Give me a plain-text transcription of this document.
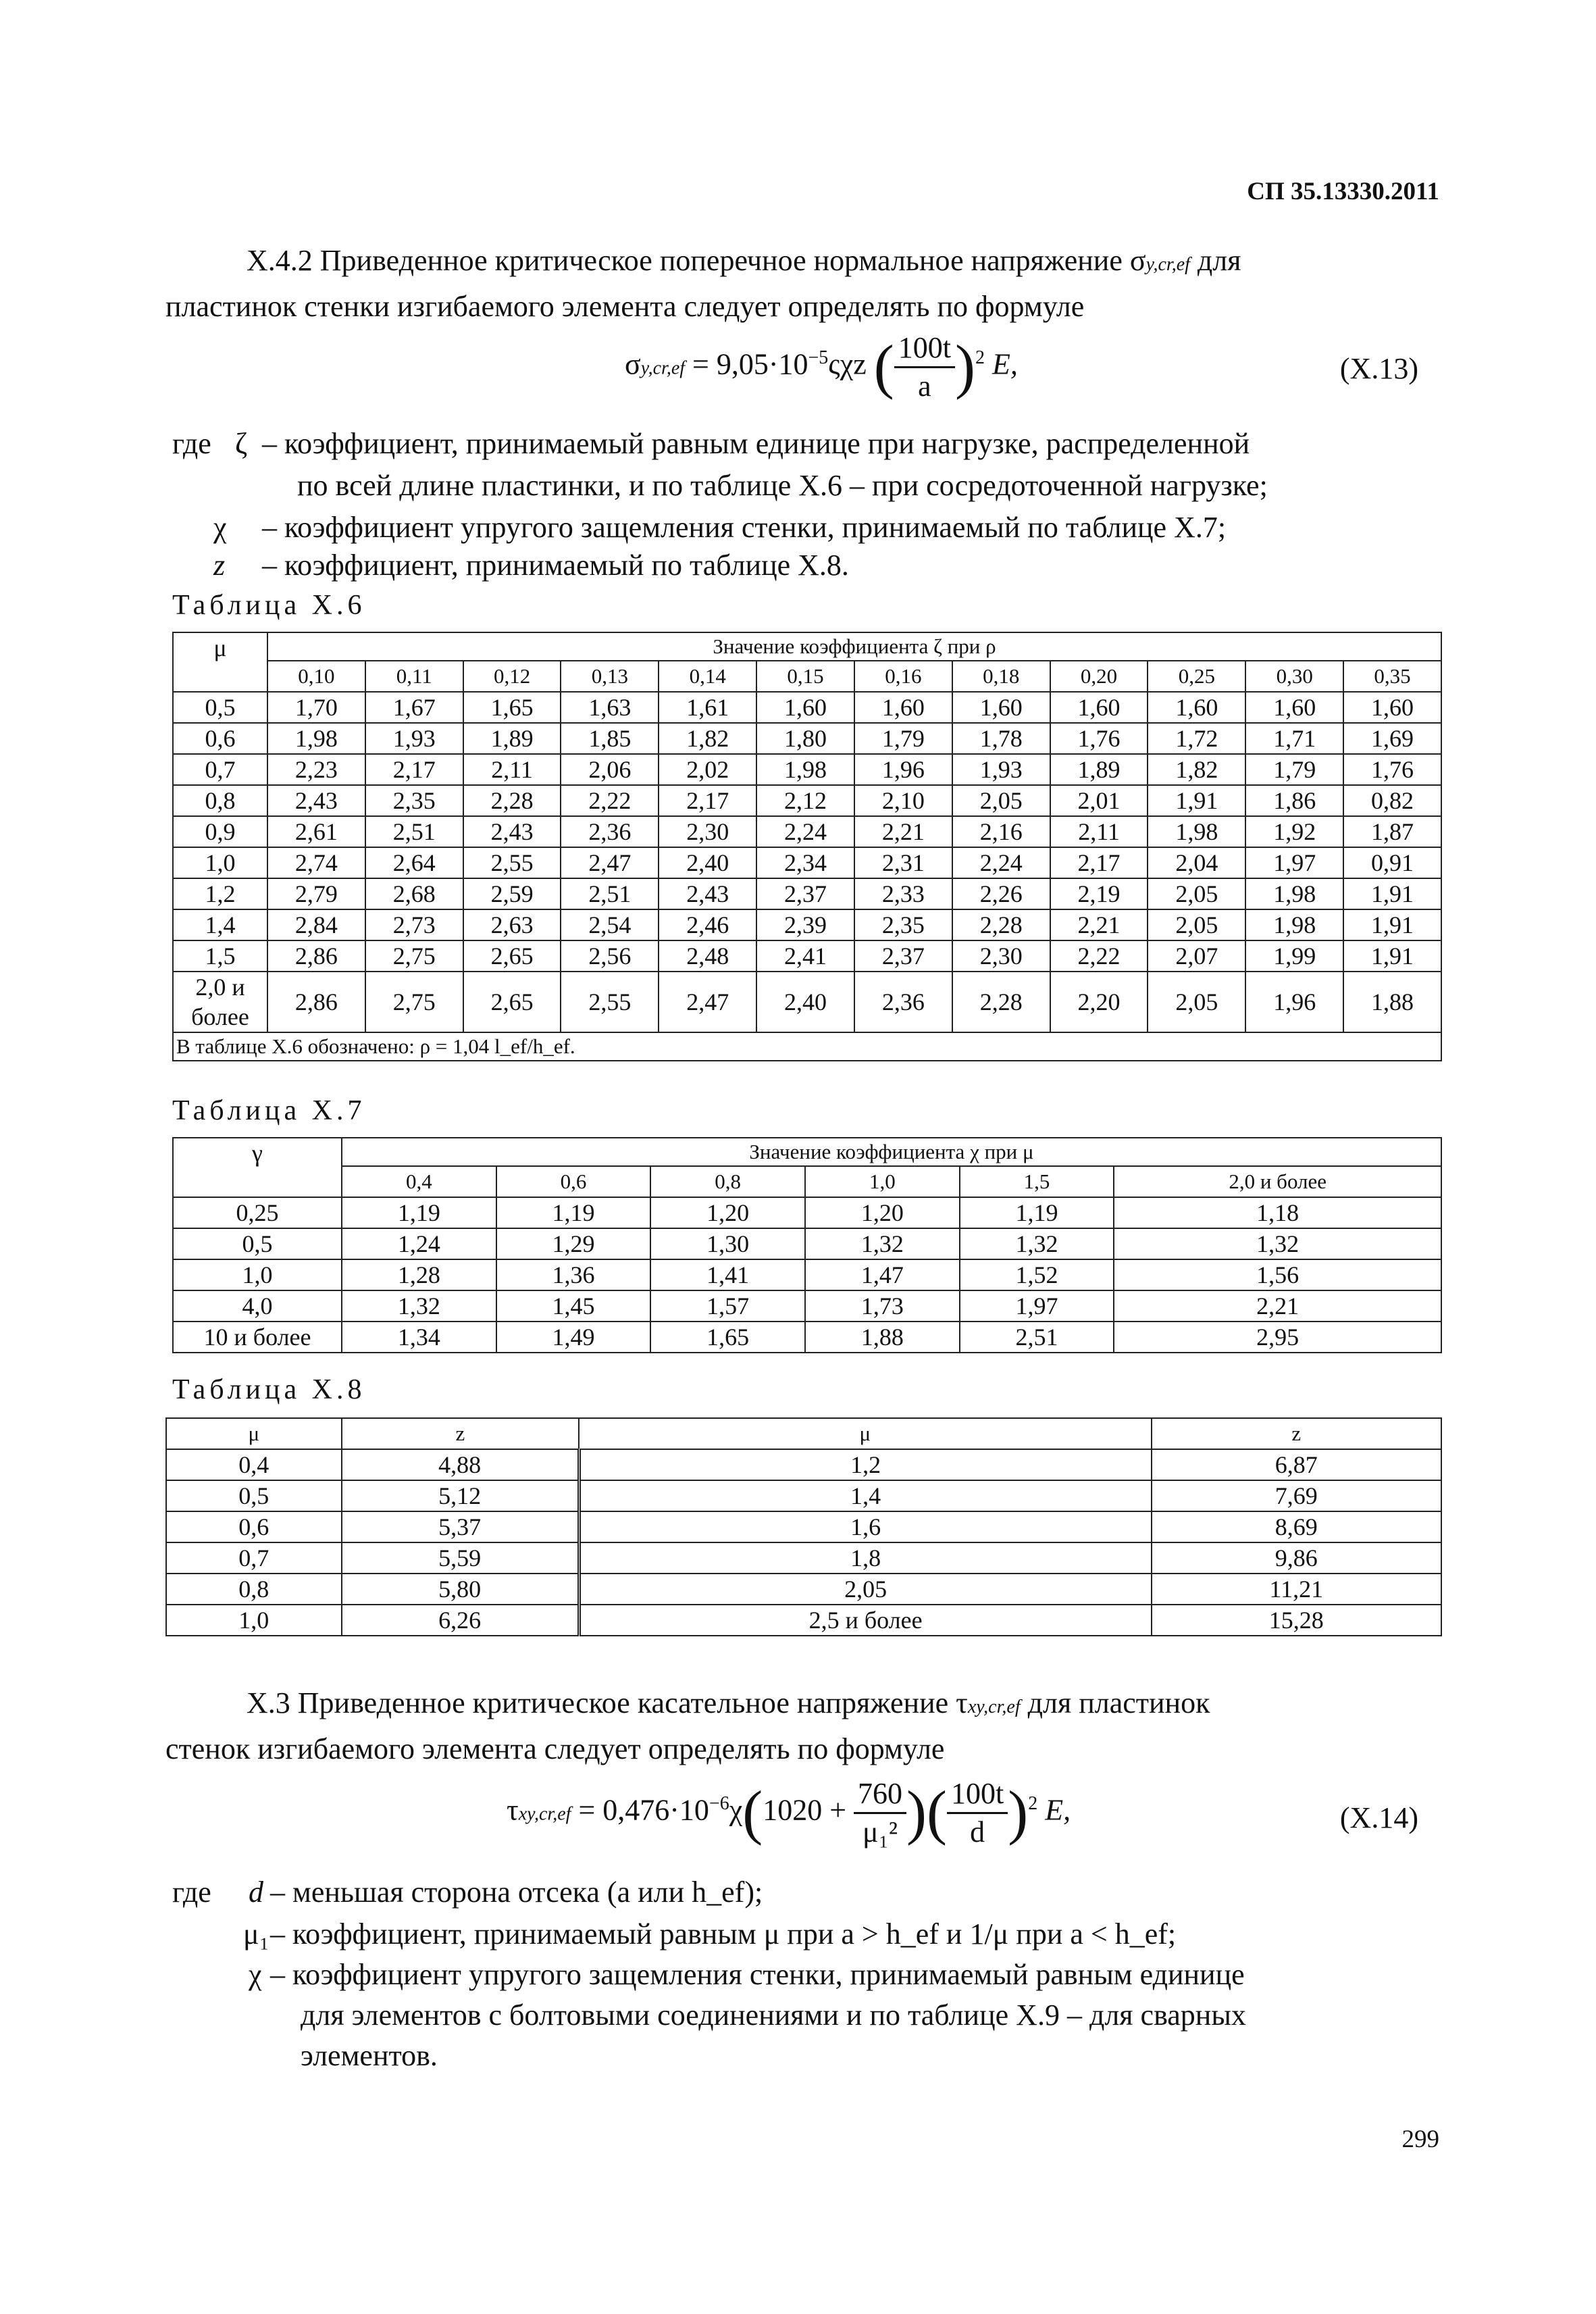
СП 35.13330.2011
Х.4.2 Приведенное критическое поперечное нормальное напряжение σy,cr,ef для
пластинок стенки изгибаемого элемента следует определять по формуле
$\sigma y,cr,ef = 9,05\cdot 10^{-5}\varsigma\chi z$ ( $\frac{100t}{a} )^2$ E,	(Х.13)
где ζ – коэффициент, принимаемый равным единице при нагрузке, распределенной
по всей длине пластинки, и по таблице Х.6 – при сосредоточенной нагрузке;
χ – коэффициент упругого защемления стенки, принимаемый по таблице Х.7;
z – коэффициент, принимаемый по таблице Х.8.
Таблица Х.6
μ	Значение коэффициента ζ при ρ											
	0,10	0,11	0,12	0,13	0,14	0,15	0,16	0,18	0,20	0,25	0,30	0,35
0,5	1,70	1,67	1,65	1,63	1,61	1,60	1,60	1,60	1,60	1,60	1,60	1,60
0,6	1,98	1,93	1,89	1,85	1,82	1,80	1,79	1,78	1,76	1,72	1,71	1,69
0,7	2,23	2,17	2,11	2,06	2,02	1,98	1,96	1,93	1,89	1,82	1,79	1,76
0,8	2,43	2,35	2,28	2,22	2,17	2,12	2,10	2,05	2,01	1,91	1,86	0,82
0,9	2,61	2,51	2,43	2,36	2,30	2,24	2,21	2,16	2,11	1,98	1,92	1,87
1,0	2,74	2,64	2,55	2,47	2,40	2,34	2,31	2,24	2,17	2,04	1,97	0,91
1,2	2,79	2,68	2,59	2,51	2,43	2,37	2,33	2,26	2,19	2,05	1,98	1,91
1,4	2,84	2,73	2,63	2,54	2,46	2,39	2,35	2,28	2,21	2,05	1,98	1,91
1,5	2,86	2,75	2,65	2,56	2,48	2,41	2,37	2,30	2,22	2,07	1,99	1,91
2,0 и более	2,86	2,75	2,65	2,55	2,47	2,40	2,36	2,28	2,20	2,05	1,96	1,88
В таблице Х.6 обозначено: ρ = 1,04 l_ef/h_ef.												
Таблица Х.7
γ	Значение коэффициента χ при μ					
	0,4	0,6	0,8	1,0	1,5	2,0 и более
0,25	1,19	1,19	1,20	1,20	1,19	1,18
0,5	1,24	1,29	1,30	1,32	1,32	1,32
1,0	1,28	1,36	1,41	1,47	1,52	1,56
4,0	1,32	1,45	1,57	1,73	1,97	2,21
10 и более	1,34	1,49	1,65	1,88	2,51	2,95
Таблица Х.8
μ	z	μ	z
0,4	4,88	1,2	6,87
0,5	5,12	1,4	7,69
0,6	5,37	1,6	8,69
0,7	5,59	1,8	9,86
0,8	5,80	2,05	11,21
1,0	6,26	2,5 и более	15,28
Х.3 Приведенное критическое касательное напряжение τxy,cr,ef для пластинок
стенок изгибаемого элемента следует определять по формуле
$\tau xy,cr,ef = 0,476\cdot 10^{-6}\chi(1020 + \frac{760}{\text{μ₁²}}$ )( $\frac{100t}{d} )^2$ E,	(Х.14)
где d – меньшая сторона отсека (a или h_ef);
μ₁ – коэффициент, принимаемый равным μ при a > h_ef и 1/μ при a < h_ef;
χ – коэффициент упругого защемления стенки, принимаемый равным единице
для элементов с болтовыми соединениями и по таблице Х.9 – для сварных
элементов.
299
